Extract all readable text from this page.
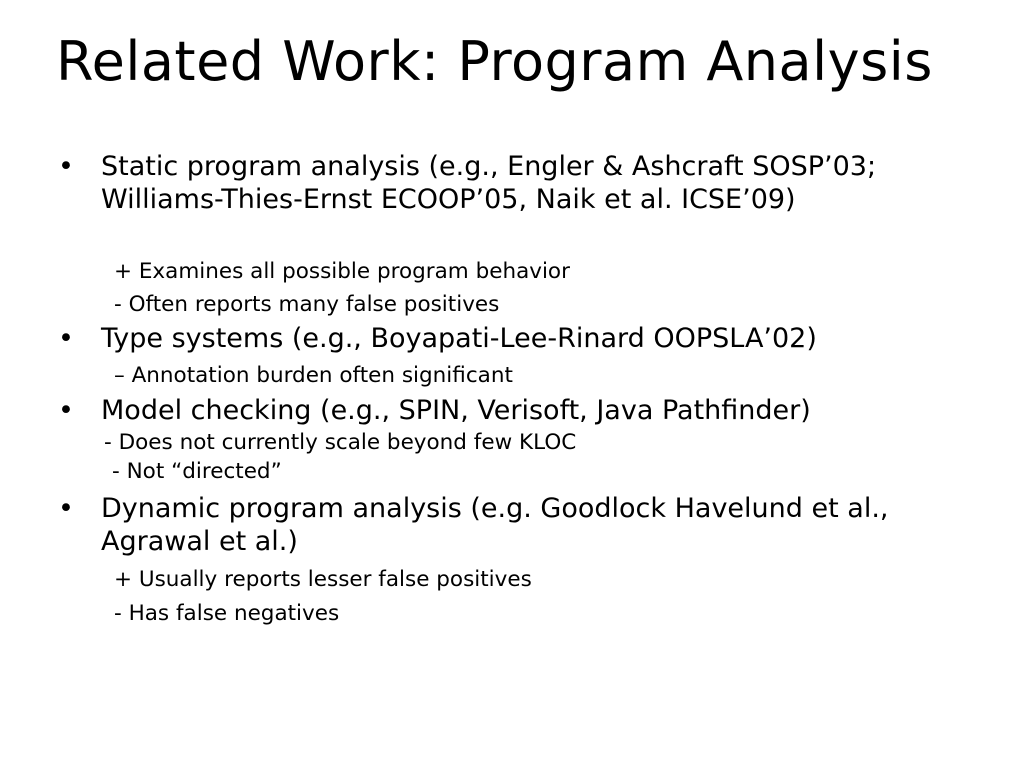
Related Work: Program Analysis
• Static program analysis (e.g., Engler & Ashcraft SOSP’03; Williams-Thies-Ernst ECOOP’05, Naik et al. ICSE’09)
+ Examines all possible program behavior
- Often reports many false positives
• Type systems (e.g., Boyapati-Lee-Rinard OOPSLA’02)
– Annotation burden often significant
• Model checking (e.g., SPIN, Verisoft, Java Pathfinder)
- Does not currently scale beyond few KLOC
- Not “directed”
• Dynamic program analysis (e.g. Goodlock Havelund et al., Agrawal et al.)
+ Usually reports lesser false positives
- Has false negatives
